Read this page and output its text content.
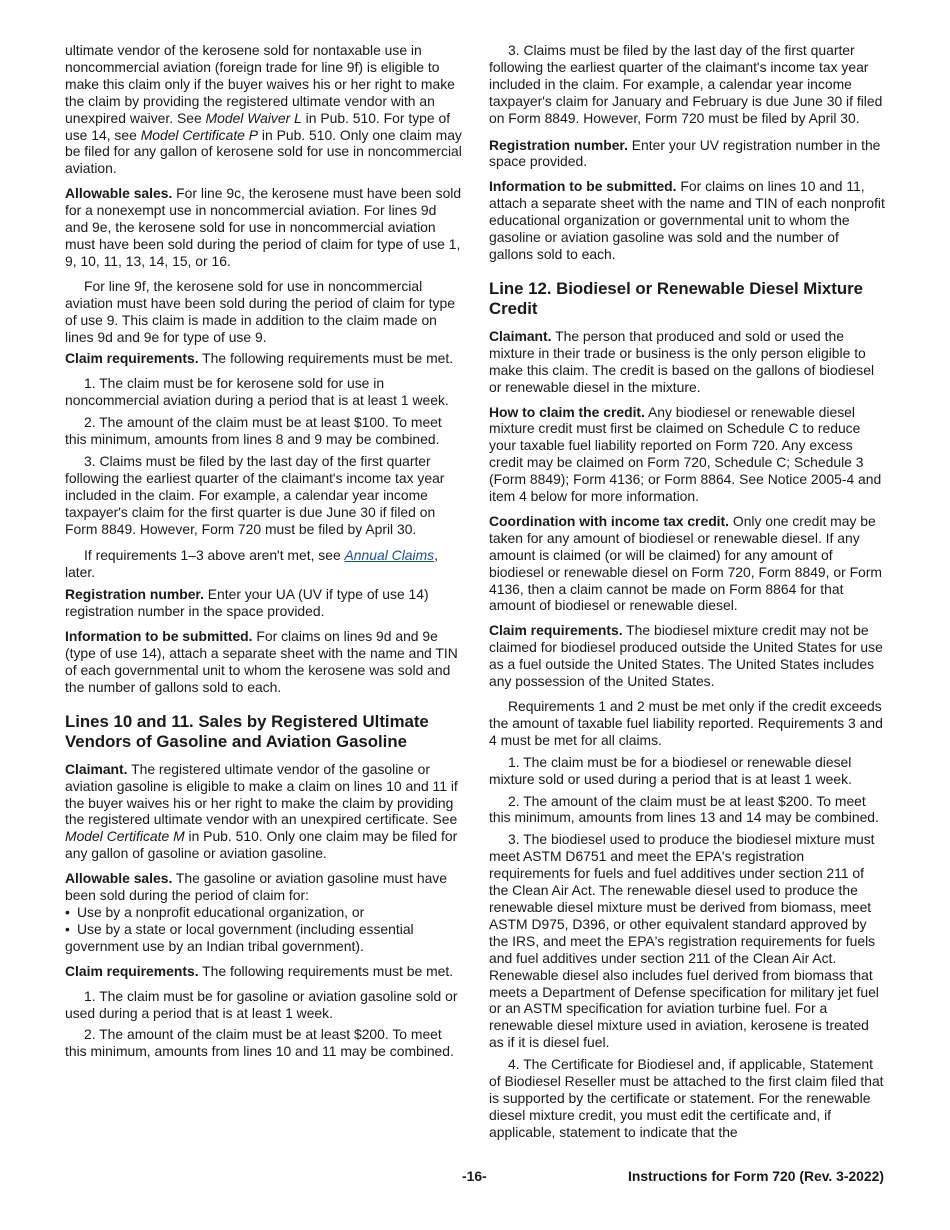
ultimate vendor of the kerosene sold for nontaxable use in noncommercial aviation (foreign trade for line 9f) is eligible to make this claim only if the buyer waives his or her right to make the claim by providing the registered ultimate vendor with an unexpired waiver. See Model Waiver L in Pub. 510. For type of use 14, see Model Certificate P in Pub. 510. Only one claim may be filed for any gallon of kerosene sold for use in noncommercial aviation.

Allowable sales. For line 9c, the kerosene must have been sold for a nonexempt use in noncommercial aviation. For lines 9d and 9e, the kerosene sold for use in noncommercial aviation must have been sold during the period of claim for type of use 1, 9, 10, 11, 13, 14, 15, or 16.

For line 9f, the kerosene sold for use in noncommercial aviation must have been sold during the period of claim for type of use 9. This claim is made in addition to the claim made on lines 9d and 9e for type of use 9.

Claim requirements. The following requirements must be met.

1. The claim must be for kerosene sold for use in noncommercial aviation during a period that is at least 1 week.

2. The amount of the claim must be at least $100. To meet this minimum, amounts from lines 8 and 9 may be combined.

3. Claims must be filed by the last day of the first quarter following the earliest quarter of the claimant's income tax year included in the claim. For example, a calendar year income taxpayer's claim for the first quarter is due June 30 if filed on Form 8849. However, Form 720 must be filed by April 30.

If requirements 1–3 above aren't met, see Annual Claims, later.

Registration number. Enter your UA (UV if type of use 14) registration number in the space provided.

Information to be submitted. For claims on lines 9d and 9e (type of use 14), attach a separate sheet with the name and TIN of each governmental unit to whom the kerosene was sold and the number of gallons sold to each.

Lines 10 and 11. Sales by Registered Ultimate Vendors of Gasoline and Aviation Gasoline

Claimant. The registered ultimate vendor of the gasoline or aviation gasoline is eligible to make a claim on lines 10 and 11 if the buyer waives his or her right to make the claim by providing the registered ultimate vendor with an unexpired certificate. See Model Certificate M in Pub. 510. Only one claim may be filed for any gallon of gasoline or aviation gasoline.

Allowable sales. The gasoline or aviation gasoline must have been sold during the period of claim for:

• Use by a nonprofit educational organization, or
• Use by a state or local government (including essential government use by an Indian tribal government).

Claim requirements. The following requirements must be met.

1. The claim must be for gasoline or aviation gasoline sold or used during a period that is at least 1 week.

2. The amount of the claim must be at least $200. To meet this minimum, amounts from lines 10 and 11 may be combined.

3. Claims must be filed by the last day of the first quarter following the earliest quarter of the claimant's income tax year included in the claim. For example, a calendar year income taxpayer's claim for January and February is due June 30 if filed on Form 8849. However, Form 720 must be filed by April 30.

Registration number. Enter your UV registration number in the space provided.

Information to be submitted. For claims on lines 10 and 11, attach a separate sheet with the name and TIN of each nonprofit educational organization or governmental unit to whom the gasoline or aviation gasoline was sold and the number of gallons sold to each.

Line 12. Biodiesel or Renewable Diesel Mixture Credit

Claimant. The person that produced and sold or used the mixture in their trade or business is the only person eligible to make this claim. The credit is based on the gallons of biodiesel or renewable diesel in the mixture.

How to claim the credit. Any biodiesel or renewable diesel mixture credit must first be claimed on Schedule C to reduce your taxable fuel liability reported on Form 720. Any excess credit may be claimed on Form 720, Schedule C; Schedule 3 (Form 8849); Form 4136; or Form 8864. See Notice 2005-4 and item 4 below for more information.

Coordination with income tax credit. Only one credit may be taken for any amount of biodiesel or renewable diesel. If any amount is claimed (or will be claimed) for any amount of biodiesel or renewable diesel on Form 720, Form 8849, or Form 4136, then a claim cannot be made on Form 8864 for that amount of biodiesel or renewable diesel.

Claim requirements. The biodiesel mixture credit may not be claimed for biodiesel produced outside the United States for use as a fuel outside the United States. The United States includes any possession of the United States.

Requirements 1 and 2 must be met only if the credit exceeds the amount of taxable fuel liability reported. Requirements 3 and 4 must be met for all claims.

1. The claim must be for a biodiesel or renewable diesel mixture sold or used during a period that is at least 1 week.

2. The amount of the claim must be at least $200. To meet this minimum, amounts from lines 13 and 14 may be combined.

3. The biodiesel used to produce the biodiesel mixture must meet ASTM D6751 and meet the EPA's registration requirements for fuels and fuel additives under section 211 of the Clean Air Act. The renewable diesel used to produce the renewable diesel mixture must be derived from biomass, meet ASTM D975, D396, or other equivalent standard approved by the IRS, and meet the EPA's registration requirements for fuels and fuel additives under section 211 of the Clean Air Act. Renewable diesel also includes fuel derived from biomass that meets a Department of Defense specification for military jet fuel or an ASTM specification for aviation turbine fuel. For a renewable diesel mixture used in aviation, kerosene is treated as if it is diesel fuel.

4. The Certificate for Biodiesel and, if applicable, Statement of Biodiesel Reseller must be attached to the first claim filed that is supported by the certificate or statement. For the renewable diesel mixture credit, you must edit the certificate and, if applicable, statement to indicate that the

-16-	Instructions for Form 720 (Rev. 3-2022)
